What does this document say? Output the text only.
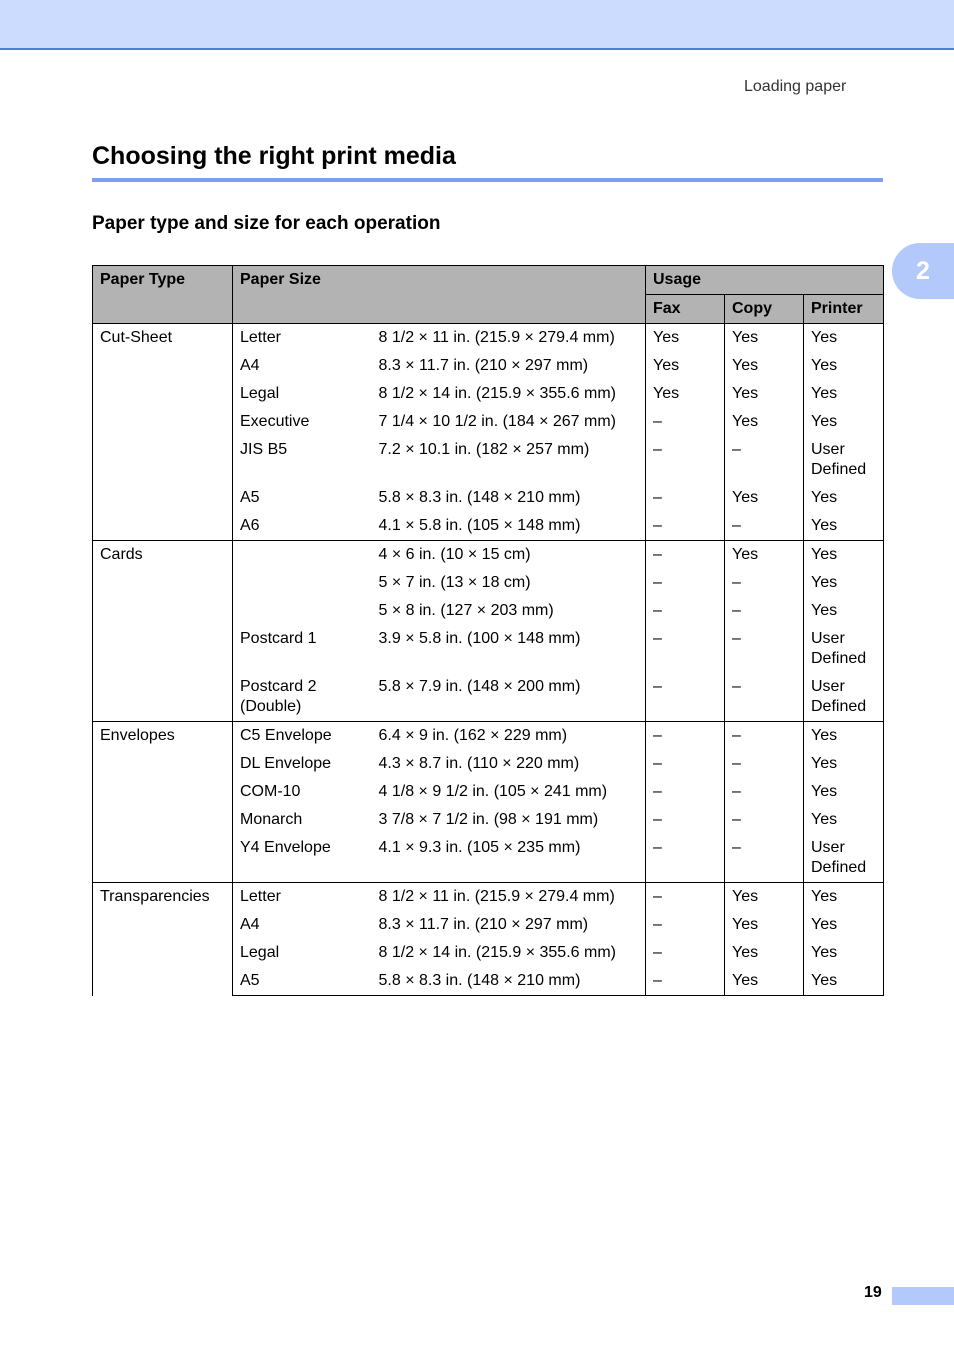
Loading paper
2
Choosing the right print media
Paper type and size for each operation
Paper Type	Paper Size		Usage		
			Fax	Copy	Printer
Cut-Sheet	Letter	8 1/2 × 11 in. (215.9 × 279.4 mm)	Yes	Yes	Yes
	A4	8.3 × 11.7 in. (210 × 297 mm)	Yes	Yes	Yes
	Legal	8 1/2 × 14 in. (215.9 × 355.6 mm)	Yes	Yes	Yes
	Executive	7 1/4 × 10 1/2 in. (184 × 267 mm)	–	Yes	Yes
	JIS B5	7.2 × 10.1 in. (182 × 257 mm)	–	–	User Defined
	A5	5.8 × 8.3 in. (148 × 210 mm)	–	Yes	Yes
	A6	4.1 × 5.8 in. (105 × 148 mm)	–	–	Yes
Cards		4 × 6 in. (10 × 15 cm)	–	Yes	Yes
		5 × 7 in. (13 × 18 cm)	–	–	Yes
		5 × 8 in. (127 × 203 mm)	–	–	Yes
	Postcard 1	3.9 × 5.8 in. (100 × 148 mm)	–	–	User Defined
	Postcard 2 (Double)	5.8 × 7.9 in. (148 × 200 mm)	–	–	User Defined
Envelopes	C5 Envelope	6.4 × 9 in. (162 × 229 mm)	–	–	Yes
	DL Envelope	4.3 × 8.7 in. (110 × 220 mm)	–	–	Yes
	COM-10	4 1/8 × 9 1/2 in. (105 × 241 mm)	–	–	Yes
	Monarch	3 7/8 × 7 1/2 in. (98 × 191 mm)	–	–	Yes
	Y4 Envelope	4.1 × 9.3 in. (105 × 235 mm)	–	–	User Defined
Transparencies	Letter	8 1/2 × 11 in. (215.9 × 279.4 mm)	–	Yes	Yes
	A4	8.3 × 11.7 in. (210 × 297 mm)	–	Yes	Yes
	Legal	8 1/2 × 14 in. (215.9 × 355.6 mm)	–	Yes	Yes
	A5	5.8 × 8.3 in. (148 × 210 mm)	–	Yes	Yes
19
